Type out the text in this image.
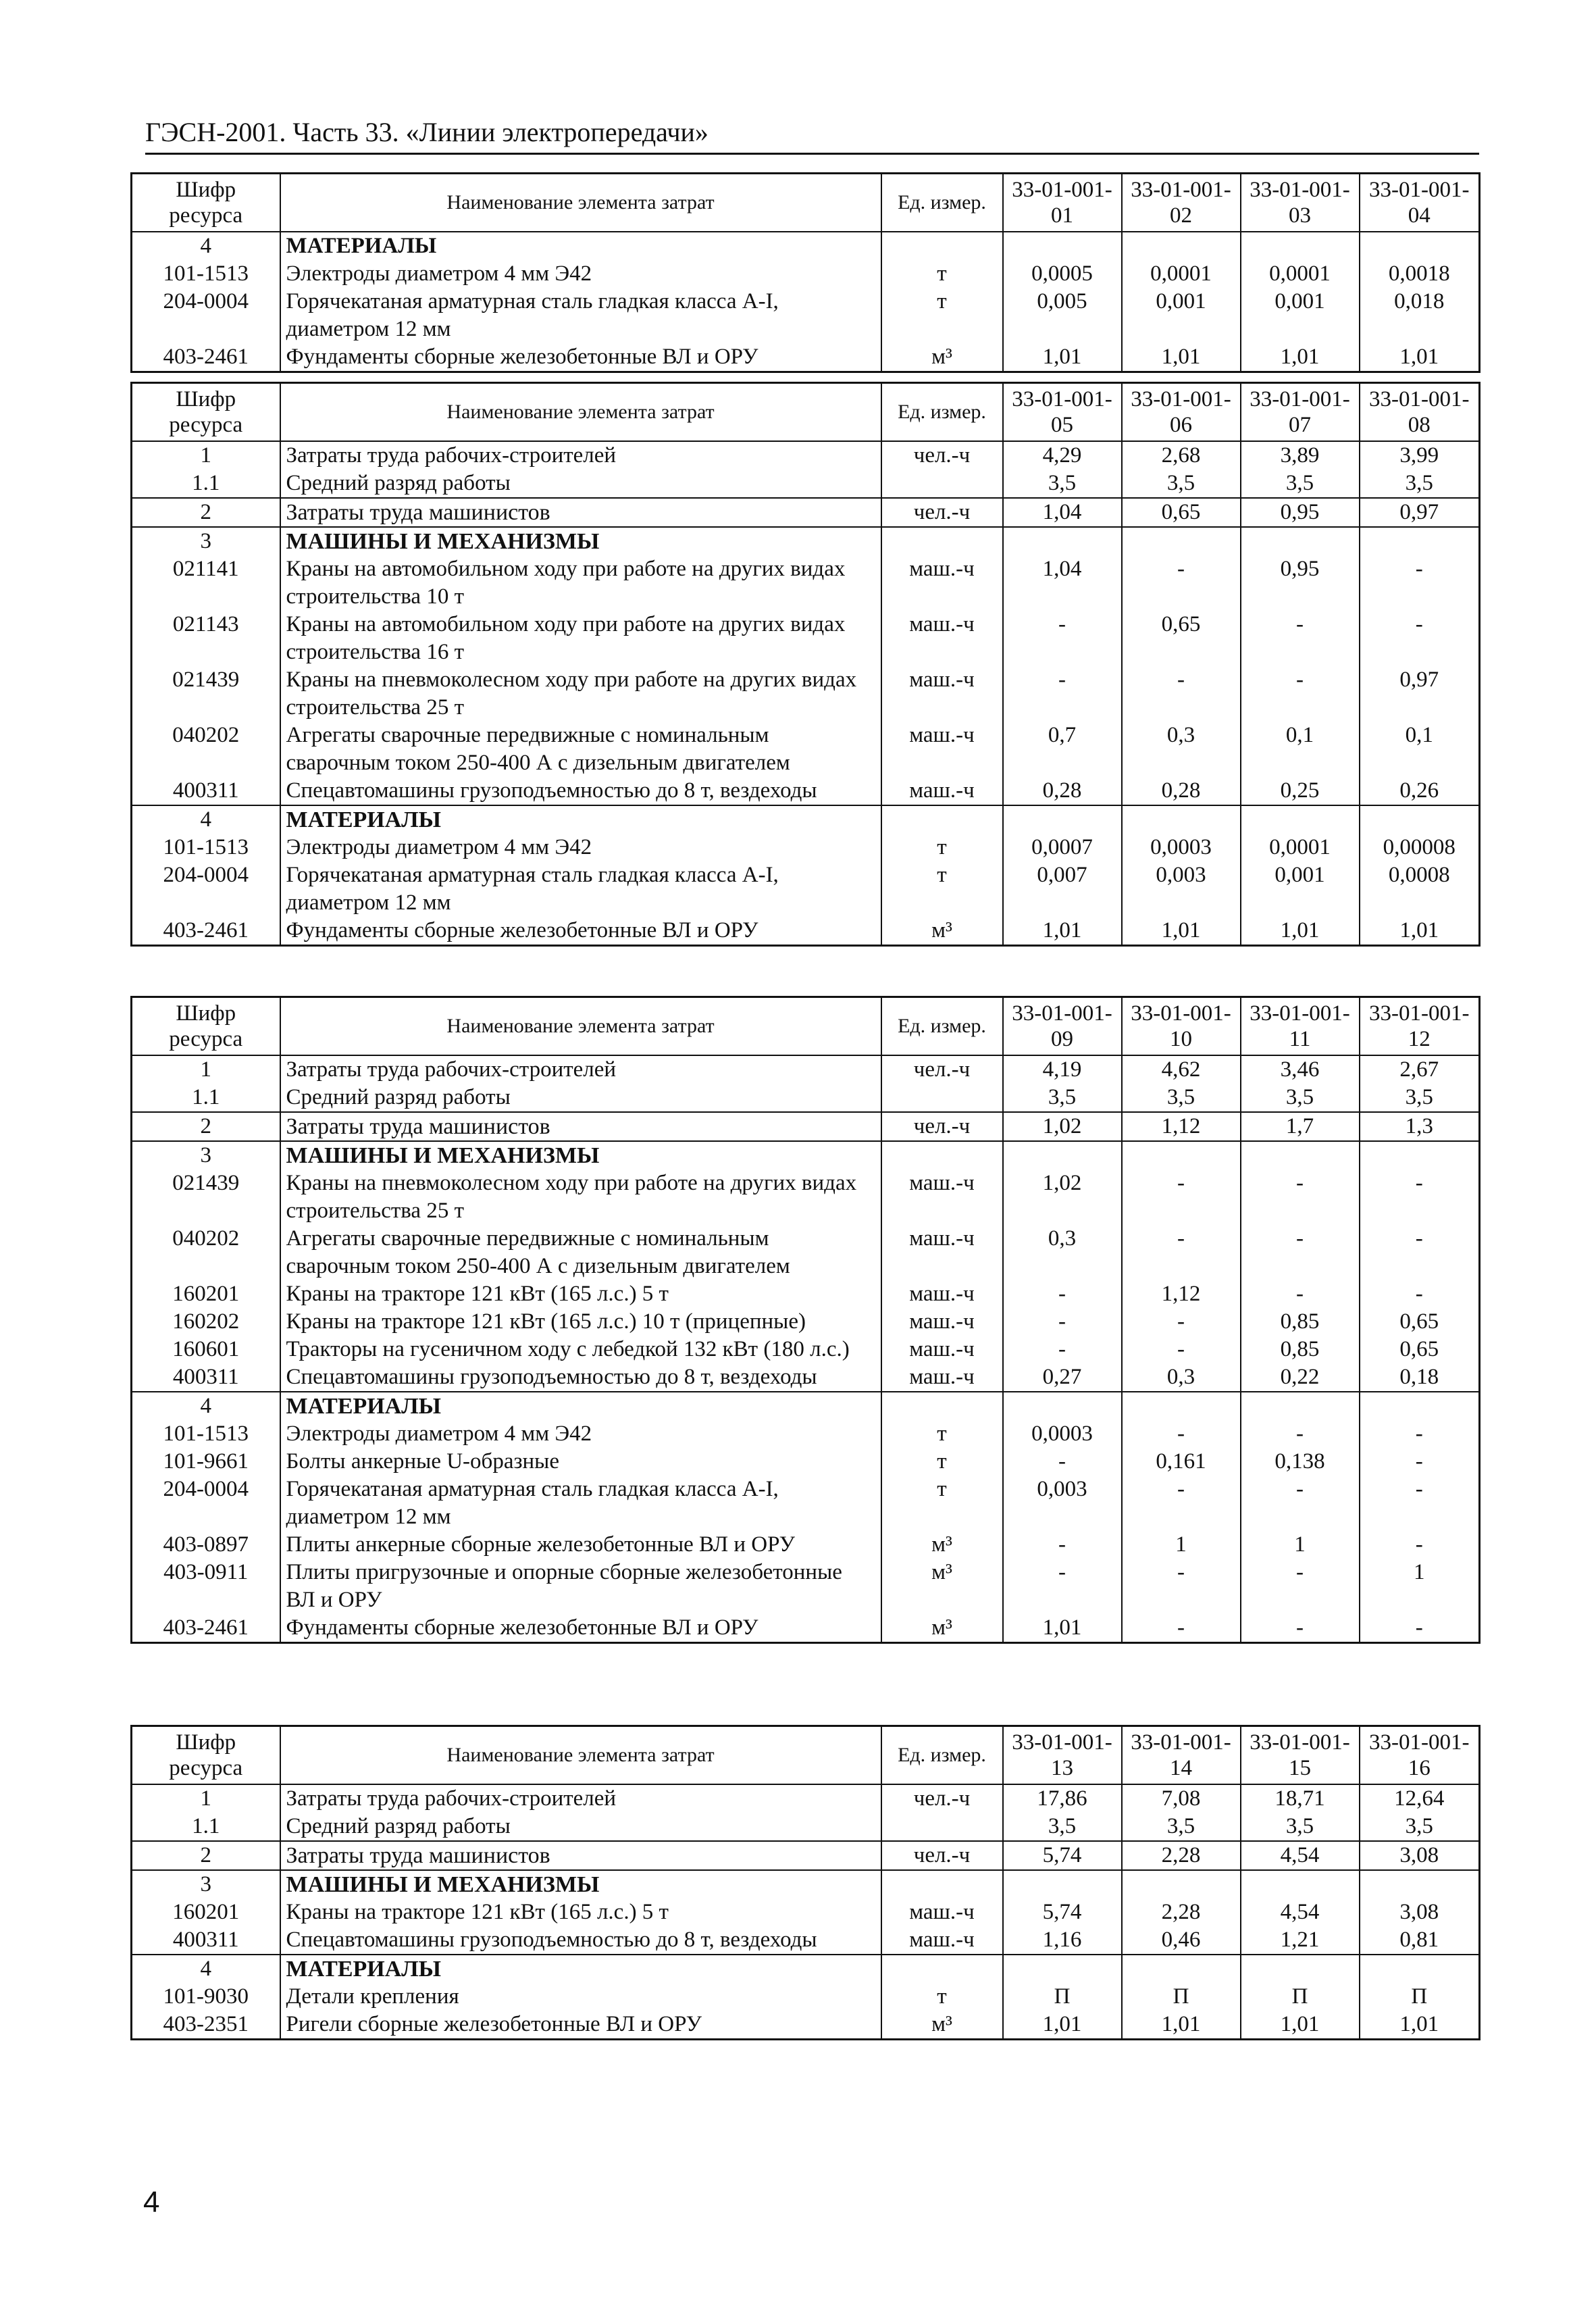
ГЭСН-2001. Часть 33. «Линии электропередачи»
Шифр ресурса	Наименование элемента затрат	Ед. измер.	33-01-001-01	33-01-001-02	33-01-001-03	33-01-001-04
4	МАТЕРИАЛЫ					
101-1513	Электроды диаметром 4 мм Э42	т	0,0005	0,0001	0,0001	0,0018
204-0004	Горячекатаная арматурная сталь гладкая класса А-I, диаметром 12 мм	т	0,005	0,001	0,001	0,018
403-2461	Фундаменты сборные железобетонные ВЛ и ОРУ	м³	1,01	1,01	1,01	1,01
Шифр ресурса	Наименование элемента затрат	Ед. измер.	33-01-001-05	33-01-001-06	33-01-001-07	33-01-001-08
1	Затраты труда рабочих-строителей	чел.-ч	4,29	2,68	3,89	3,99
1.1	Средний разряд работы		3,5	3,5	3,5	3,5
2	Затраты труда машинистов	чел.-ч	1,04	0,65	0,95	0,97
3	МАШИНЫ И МЕХАНИЗМЫ					
021141	Краны на автомобильном ходу при работе на других видах строительства 10 т	маш.-ч	1,04	-	0,95	-
021143	Краны на автомобильном ходу при работе на других видах строительства 16 т	маш.-ч	-	0,65	-	-
021439	Краны на пневмоколесном ходу при работе на других видах строительства 25 т	маш.-ч	-	-	-	0,97
040202	Агрегаты сварочные передвижные с номинальным сварочным током 250-400 А с дизельным двигателем	маш.-ч	0,7	0,3	0,1	0,1
400311	Спецавтомашины грузоподъемностью до 8 т, вездеходы	маш.-ч	0,28	0,28	0,25	0,26
4	МАТЕРИАЛЫ					
101-1513	Электроды диаметром 4 мм Э42	т	0,0007	0,0003	0,0001	0,00008
204-0004	Горячекатаная арматурная сталь гладкая класса А-I, диаметром 12 мм	т	0,007	0,003	0,001	0,0008
403-2461	Фундаменты сборные железобетонные ВЛ и ОРУ	м³	1,01	1,01	1,01	1,01
Шифр ресурса	Наименование элемента затрат	Ед. измер.	33-01-001-09	33-01-001-10	33-01-001-11	33-01-001-12
1	Затраты труда рабочих-строителей	чел.-ч	4,19	4,62	3,46	2,67
1.1	Средний разряд работы		3,5	3,5	3,5	3,5
2	Затраты труда машинистов	чел.-ч	1,02	1,12	1,7	1,3
3	МАШИНЫ И МЕХАНИЗМЫ					
021439	Краны на пневмоколесном ходу при работе на других видах строительства 25 т	маш.-ч	1,02	-	-	-
040202	Агрегаты сварочные передвижные с номинальным сварочным током 250-400 А с дизельным двигателем	маш.-ч	0,3	-	-	-
160201	Краны на тракторе 121 кВт (165 л.с.) 5 т	маш.-ч	-	1,12	-	-
160202	Краны на тракторе 121 кВт (165 л.с.) 10 т (прицепные)	маш.-ч	-	-	0,85	0,65
160601	Тракторы на гусеничном ходу с лебедкой 132 кВт (180 л.с.)	маш.-ч	-	-	0,85	0,65
400311	Спецавтомашины грузоподъемностью до 8 т, вездеходы	маш.-ч	0,27	0,3	0,22	0,18
4	МАТЕРИАЛЫ					
101-1513	Электроды диаметром 4 мм Э42	т	0,0003	-	-	-
101-9661	Болты анкерные U-образные	т	-	0,161	0,138	-
204-0004	Горячекатаная арматурная сталь гладкая класса А-I, диаметром 12 мм	т	0,003	-	-	-
403-0897	Плиты анкерные сборные железобетонные ВЛ и ОРУ	м³	-	1	1	-
403-0911	Плиты пригрузочные и опорные сборные железобетонные ВЛ и ОРУ	м³	-	-	-	1
403-2461	Фундаменты сборные железобетонные ВЛ и ОРУ	м³	1,01	-	-	-
Шифр ресурса	Наименование элемента затрат	Ед. измер.	33-01-001-13	33-01-001-14	33-01-001-15	33-01-001-16
1	Затраты труда рабочих-строителей	чел.-ч	17,86	7,08	18,71	12,64
1.1	Средний разряд работы		3,5	3,5	3,5	3,5
2	Затраты труда машинистов	чел.-ч	5,74	2,28	4,54	3,08
3	МАШИНЫ И МЕХАНИЗМЫ					
160201	Краны на тракторе 121 кВт (165 л.с.) 5 т	маш.-ч	5,74	2,28	4,54	3,08
400311	Спецавтомашины грузоподъемностью до 8 т, вездеходы	маш.-ч	1,16	0,46	1,21	0,81
4	МАТЕРИАЛЫ					
101-9030	Детали крепления	т	П	П	П	П
403-2351	Ригели сборные железобетонные ВЛ и ОРУ	м³	1,01	1,01	1,01	1,01
4
